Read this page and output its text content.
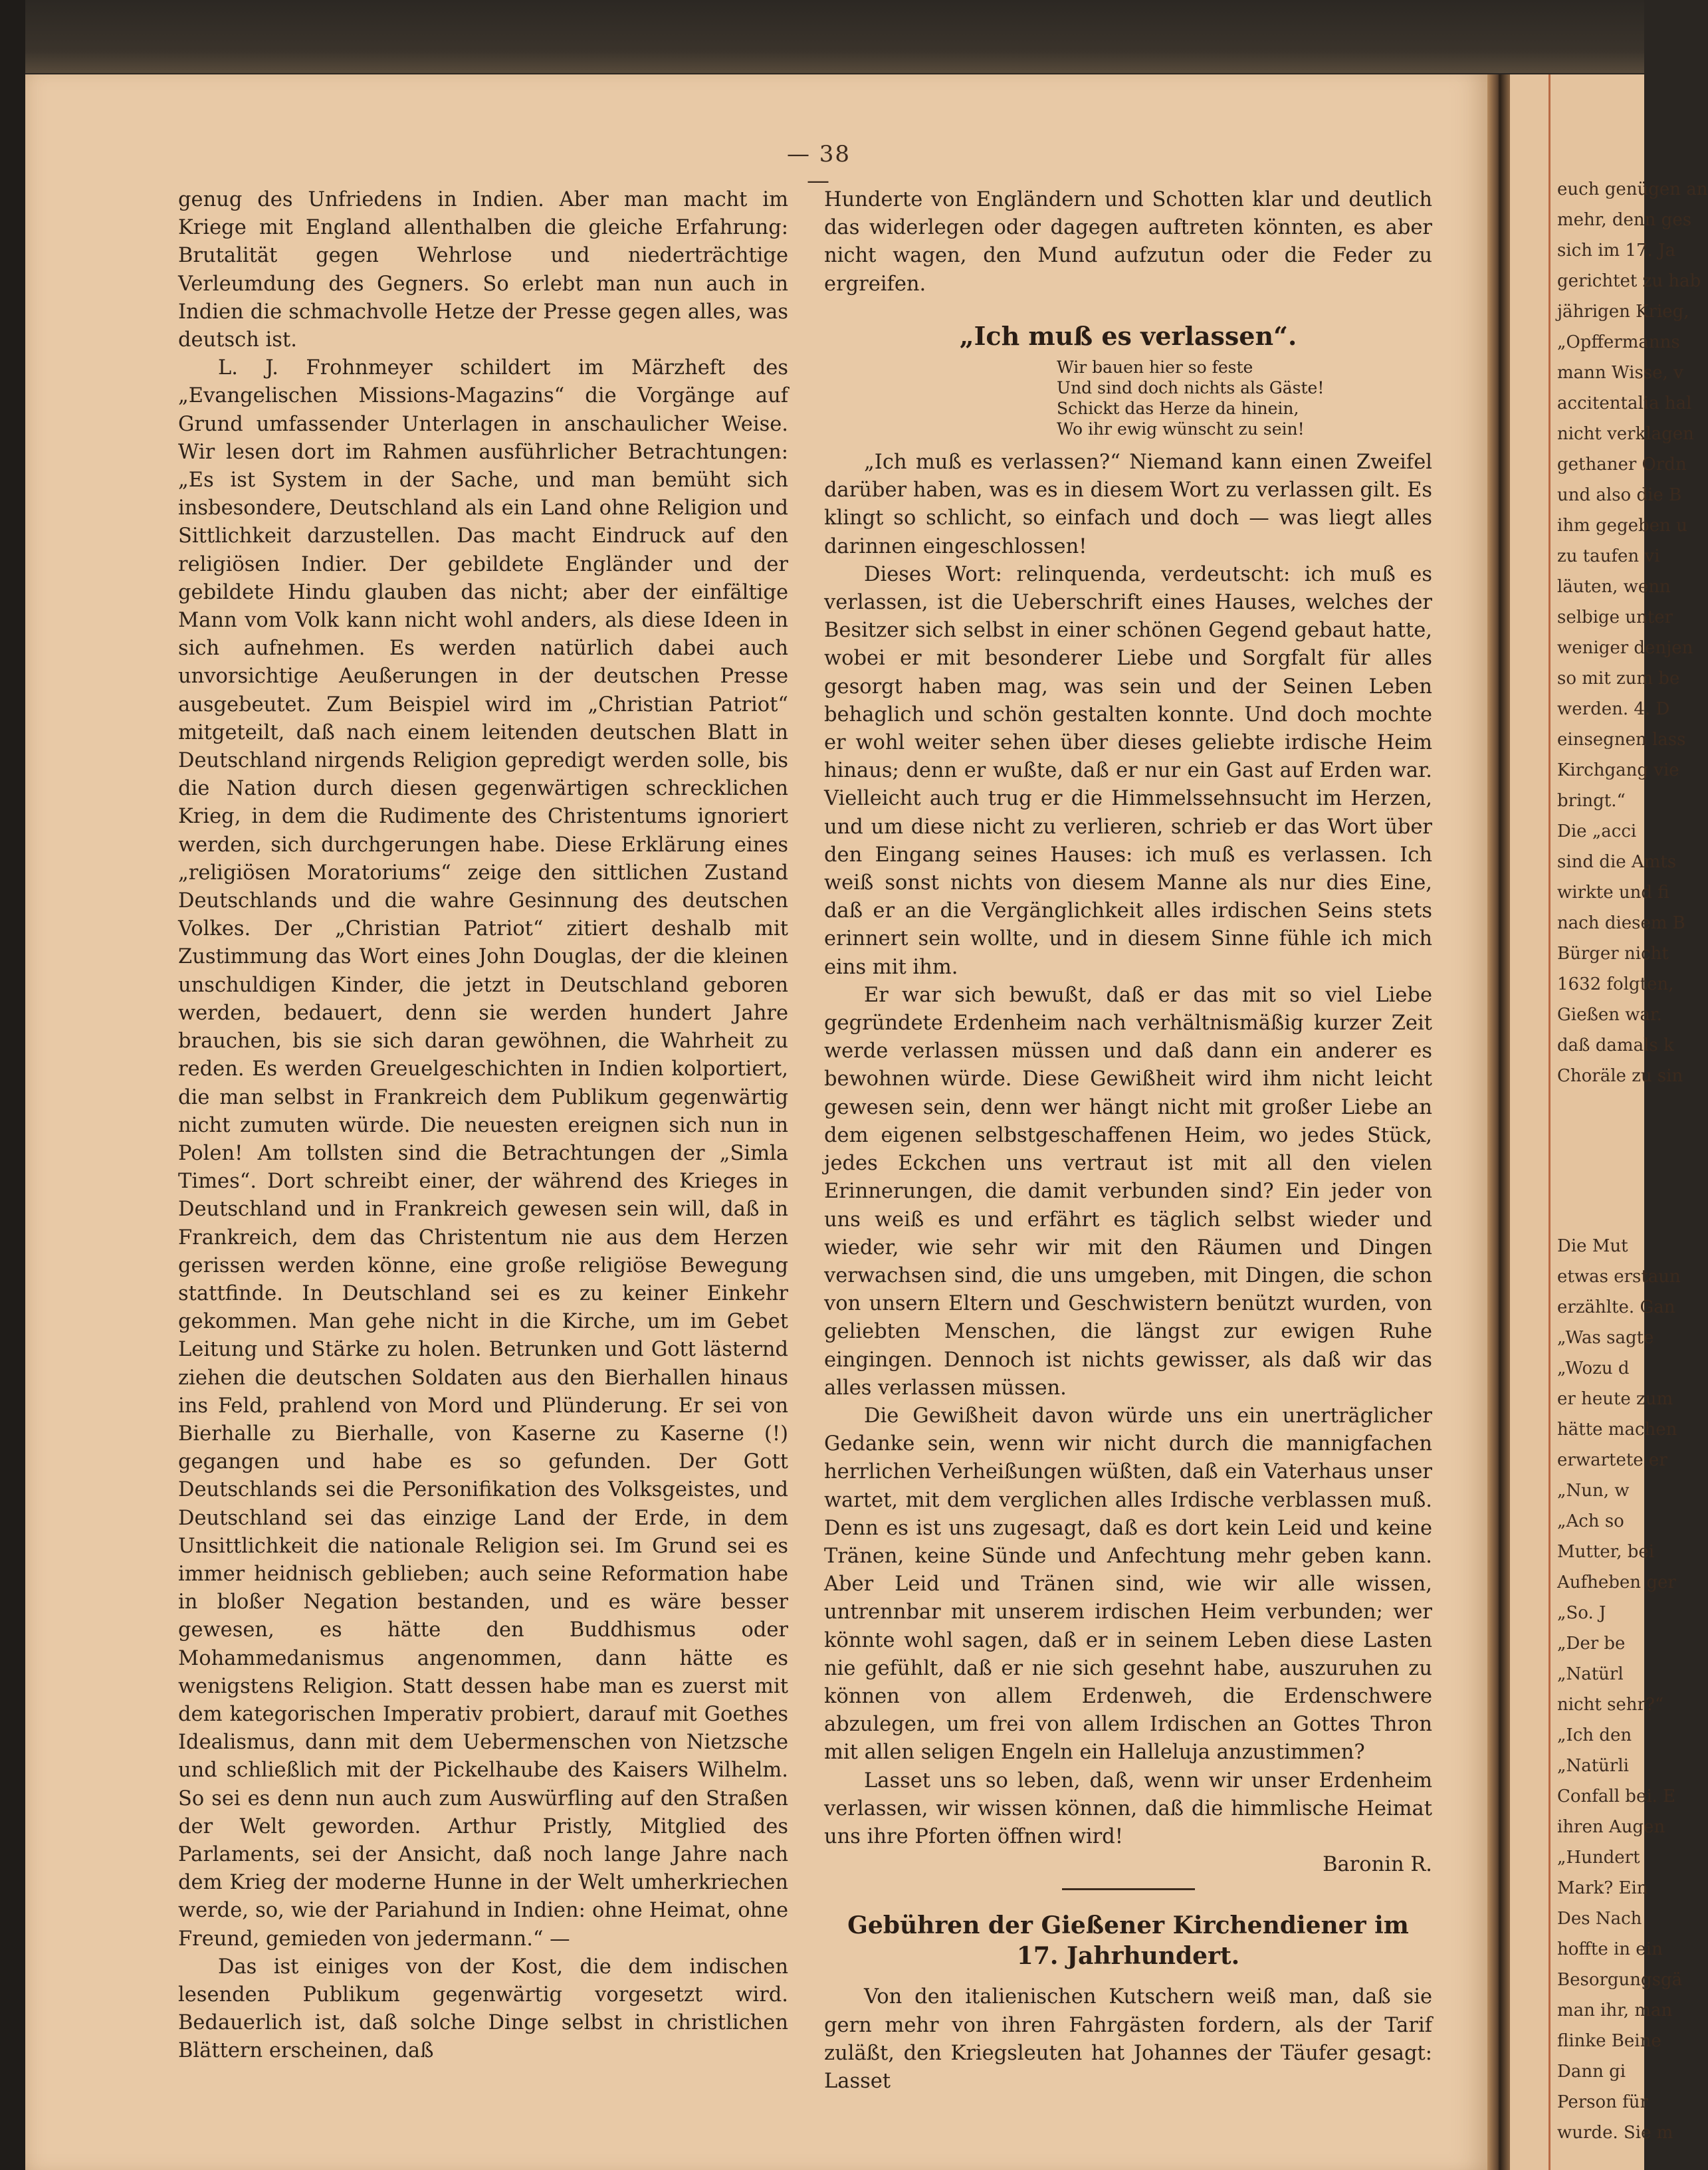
euch genügen an

mehr, denn ges

sich im 17. Ja

gerichtet zu hab

jährigen Krieg,

„Opffermanns

mann Wisse, v

accitentalia hal

nicht verklagen

gethaner Ordn

und also die B

ihm gegeben u

zu taufen vi

läuten, wenn

selbige unter

weniger denjen

so mit zum be

werden. 4. D

einsegnen lass

Kirchgang vie

bringt.“

Die „acci

sind die Amts

wirkte und fi

nach diesem B

Bürger nicht

1632 folgten,

Gießen war.

daß damals k

Choräle zu sin

Die Mut

etwas erstaun

erzählte. Gan

„Was sagte

„Wozu d

er heute zum

hätte machen

erwartete er

„Nun, w

„Ach so

Mutter, bei

Aufheben ger

„So. J

„Der be

„Natürl

nicht sehr?“

„Ich den

„Natürli

Confall bei. E

ihren Augen

„Hundert

Mark? Ein

Des Nach

hoffte in ein

Besorgungsgä

man ihr, man

flinke Beine

Dann gi

Person für

wurde. Sie m

— 38 —

genug des Unfriedens in Indien. Aber man macht im Kriege mit England allenthalben die gleiche Erfahrung: Brutalität gegen Wehrlose und niederträchtige Verleumdung des Gegners. So erlebt man nun auch in Indien die schmachvolle Hetze der Presse gegen alles, was deutsch ist.

L. J. Frohnmeyer schildert im Märzheft des „Evangelischen Missions-Magazins“ die Vorgänge auf Grund umfassender Unterlagen in anschaulicher Weise. Wir lesen dort im Rahmen ausführlicher Betrachtungen: „Es ist System in der Sache, und man bemüht sich insbesondere, Deutschland als ein Land ohne Religion und Sittlichkeit darzustellen. Das macht Eindruck auf den religiösen Indier. Der gebildete Engländer und der gebildete Hindu glauben das nicht; aber der einfältige Mann vom Volk kann nicht wohl anders, als diese Ideen in sich aufnehmen. Es werden natürlich dabei auch unvorsichtige Aeußerungen in der deutschen Presse ausgebeutet. Zum Beispiel wird im „Christian Patriot“ mitgeteilt, daß nach einem leitenden deutschen Blatt in Deutschland nirgends Religion gepredigt werden solle, bis die Nation durch diesen gegenwärtigen schrecklichen Krieg, in dem die Rudimente des Christentums ignoriert werden, sich durchgerungen habe. Diese Erklärung eines „religiösen Moratoriums“ zeige den sittlichen Zustand Deutschlands und die wahre Gesinnung des deutschen Volkes. Der „Christian Patriot“ zitiert deshalb mit Zustimmung das Wort eines John Douglas, der die kleinen unschuldigen Kinder, die jetzt in Deutschland geboren werden, bedauert, denn sie werden hundert Jahre brauchen, bis sie sich daran gewöhnen, die Wahrheit zu reden. Es werden Greuelgeschichten in Indien kolportiert, die man selbst in Frankreich dem Publikum gegenwärtig nicht zumuten würde. Die neuesten ereignen sich nun in Polen! Am tollsten sind die Betrachtungen der „Simla Times“. Dort schreibt einer, der während des Krieges in Deutschland und in Frankreich gewesen sein will, daß in Frankreich, dem das Christentum nie aus dem Herzen gerissen werden könne, eine große religiöse Bewegung stattfinde. In Deutschland sei es zu keiner Einkehr gekommen. Man gehe nicht in die Kirche, um im Gebet Leitung und Stärke zu holen. Betrunken und Gott lästernd ziehen die deutschen Soldaten aus den Bierhallen hinaus ins Feld, prahlend von Mord und Plünderung. Er sei von Bierhalle zu Bierhalle, von Kaserne zu Kaserne (!) gegangen und habe es so gefunden. Der Gott Deutschlands sei die Personifikation des Volksgeistes, und Deutschland sei das einzige Land der Erde, in dem Unsittlichkeit die nationale Religion sei. Im Grund sei es immer heidnisch geblieben; auch seine Reformation habe in bloßer Negation bestanden, und es wäre besser gewesen, es hätte den Buddhismus oder Mohammedanismus angenommen, dann hätte es wenigstens Religion. Statt dessen habe man es zuerst mit dem kategorischen Imperativ probiert, darauf mit Goethes Idealismus, dann mit dem Uebermenschen von Nietzsche und schließlich mit der Pickelhaube des Kaisers Wilhelm. So sei es denn nun auch zum Auswürfling auf den Straßen der Welt geworden. Arthur Pristly, Mitglied des Parlaments, sei der Ansicht, daß noch lange Jahre nach dem Krieg der moderne Hunne in der Welt umherkriechen werde, so, wie der Pariahund in Indien: ohne Heimat, ohne Freund, gemieden von jedermann.“ —

Das ist einiges von der Kost, die dem indischen lesenden Publikum gegenwärtig vorgesetzt wird. Bedauerlich ist, daß solche Dinge selbst in christlichen Blättern erscheinen, daß

Hunderte von Engländern und Schotten klar und deutlich das widerlegen oder dagegen auftreten könnten, es aber nicht wagen, den Mund aufzutun oder die Feder zu ergreifen.

„Ich muß es verlassen“.
Wir bauen hier so feste
Und sind doch nichts als Gäste!
Schickt das Herze da hinein,
Wo ihr ewig wünscht zu sein!

„Ich muß es verlassen?“ Niemand kann einen Zweifel darüber haben, was es in diesem Wort zu verlassen gilt. Es klingt so schlicht, so einfach und doch — was liegt alles darinnen eingeschlossen!

Dieses Wort: relinquenda, verdeutscht: ich muß es verlassen, ist die Ueberschrift eines Hauses, welches der Besitzer sich selbst in einer schönen Gegend gebaut hatte, wobei er mit besonderer Liebe und Sorgfalt für alles gesorgt haben mag, was sein und der Seinen Leben behaglich und schön gestalten konnte. Und doch mochte er wohl weiter sehen über dieses geliebte irdische Heim hinaus; denn er wußte, daß er nur ein Gast auf Erden war. Vielleicht auch trug er die Himmelssehnsucht im Herzen, und um diese nicht zu verlieren, schrieb er das Wort über den Eingang seines Hauses: ich muß es verlassen. Ich weiß sonst nichts von diesem Manne als nur dies Eine, daß er an die Vergänglichkeit alles irdischen Seins stets erinnert sein wollte, und in diesem Sinne fühle ich mich eins mit ihm.

Er war sich bewußt, daß er das mit so viel Liebe gegründete Erdenheim nach verhältnismäßig kurzer Zeit werde verlassen müssen und daß dann ein anderer es bewohnen würde. Diese Gewißheit wird ihm nicht leicht gewesen sein, denn wer hängt nicht mit großer Liebe an dem eigenen selbstgeschaffenen Heim, wo jedes Stück, jedes Eckchen uns vertraut ist mit all den vielen Erinnerungen, die damit verbunden sind? Ein jeder von uns weiß es und erfährt es täglich selbst wieder und wieder, wie sehr wir mit den Räumen und Dingen verwachsen sind, die uns umgeben, mit Dingen, die schon von unsern Eltern und Geschwistern benützt wurden, von geliebten Menschen, die längst zur ewigen Ruhe eingingen. Dennoch ist nichts gewisser, als daß wir das alles verlassen müssen.

Die Gewißheit davon würde uns ein unerträglicher Gedanke sein, wenn wir nicht durch die mannigfachen herrlichen Verheißungen wüßten, daß ein Vaterhaus unser wartet, mit dem verglichen alles Irdische verblassen muß. Denn es ist uns zugesagt, daß es dort kein Leid und keine Tränen, keine Sünde und Anfechtung mehr geben kann. Aber Leid und Tränen sind, wie wir alle wissen, untrennbar mit unserem irdischen Heim verbunden; wer könnte wohl sagen, daß er in seinem Leben diese Lasten nie gefühlt, daß er nie sich gesehnt habe, auszuruhen zu können von allem Erdenweh, die Erdenschwere abzulegen, um frei von allem Irdischen an Gottes Thron mit allen seligen Engeln ein Halleluja anzustimmen?

Lasset uns so leben, daß, wenn wir unser Erdenheim verlassen, wir wissen können, daß die himmlische Heimat uns ihre Pforten öffnen wird!

Baronin R.

Gebühren der Gießener Kirchendiener im 17. Jahrhundert.

Von den italienischen Kutschern weiß man, daß sie gern mehr von ihren Fahrgästen fordern, als der Tarif zuläßt, den Kriegsleuten hat Johannes der Täufer gesagt: Lasset
